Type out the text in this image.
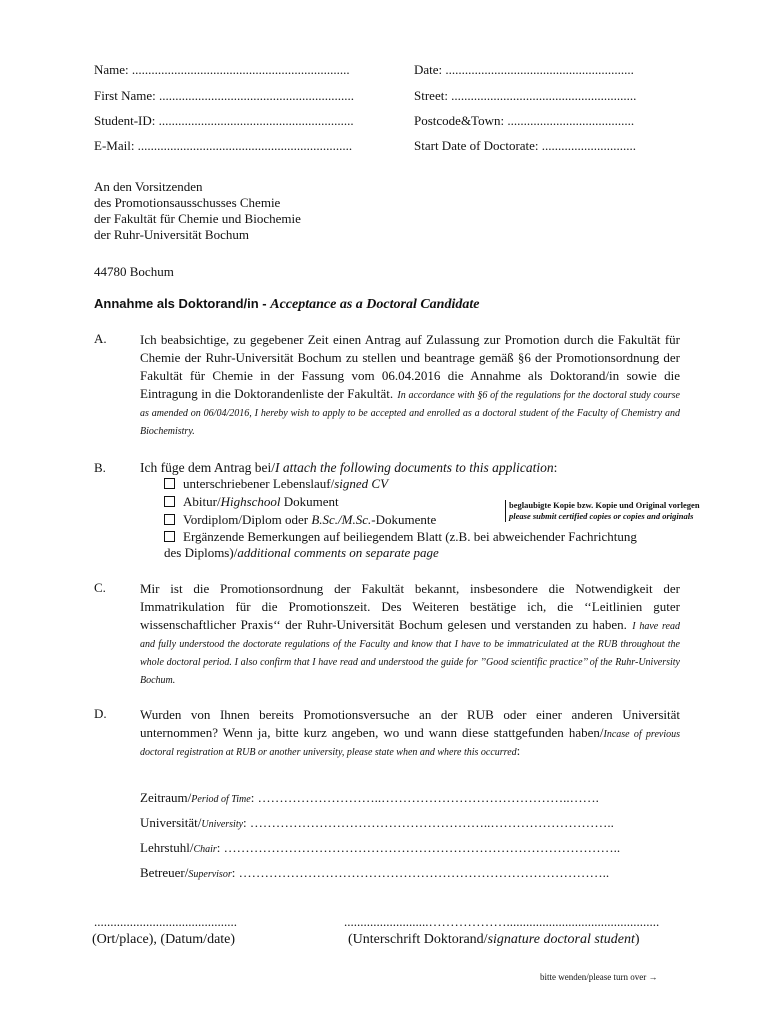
Name: ...................................................................	Date: ..........................................................
First Name: ............................................................	Street: .........................................................
Student-ID: ............................................................	Postcode&Town: .......................................
E-Mail: ..................................................................	Start Date of Doctorate: .............................
An den Vorsitzenden
des Promotionsausschusses Chemie
der Fakultät für Chemie und Biochemie
der Ruhr-Universität Bochum
44780 Bochum
Annahme als Doktorand/in - Acceptance as a Doctoral Candidate
A.	Ich beabsichtige, zu gegebener Zeit einen Antrag auf Zulassung zur Promotion durch die Fakultät für Chemie der Ruhr-Universität Bochum zu stellen und beantrage gemäß §6 der Promotionsordnung der Fakultät für Chemie in der Fassung vom 06.04.2016 die Annahme als Doktorand/in sowie die Eintragung in die Doktorandenliste der Fakultät. In accordance with §6 of the regulations for the doctoral study course as amended on 06/04/2016, I hereby wish to apply to be accepted and enrolled as a doctoral student of the Faculty of Chemistry and Biochemistry.
B.	Ich füge dem Antrag bei/I attach the following documents to this application:
unterschriebener Lebenslauf/signed CV
Abitur/Highschool Dokument
Vordiplom/Diplom oder B.Sc./M.Sc.-Dokumente
Ergänzende Bemerkungen auf beiliegendem Blatt (z.B. bei abweichender Fachrichtung des Diploms)/additional comments on separate page
beglaubigte Kopie bzw. Kopie und Original vorlegen
please submit certified copies or copies and originals
C.	Mir ist die Promotionsordnung der Fakultät bekannt, insbesondere die Notwendigkeit der Immatrikulation für die Promotionszeit. Des Weiteren bestätige ich, die ‘‘Leitlinien guter wissenschaftlicher Praxis‘‘ der Ruhr-Universität Bochum gelesen und verstanden zu haben. I have read and fully understood the doctorate regulations of the Faculty and know that I have to be immatriculated at the RUB throughout the whole doctoral period. I also confirm that I have read and understood the guide for ’’Good scientific practice’’ of the Ruhr-University Bochum.
D.	Wurden von Ihnen bereits Promotionsversuche an der RUB oder einer anderen Universität unternommen? Wenn ja, bitte kurz angeben, wo und wann diese stattgefunden haben/Incase of previous doctoral registration at RUB or another university, please state when and where this occurred:
Zeitraum/Period of Time: ………………………..……………………………………..…….
Universität/University: ………………………………………………..………………………..
Lehrstuhl/Chair: ………………………………………………………………………………..
Betreuer/Supervisor: …………………………………………………………………………..
............................................
(Ort/place), (Datum/date)
..........................………………...............................................
(Unterschrift Doktorand/signature doctoral student)
bitte wenden/please turn over →
